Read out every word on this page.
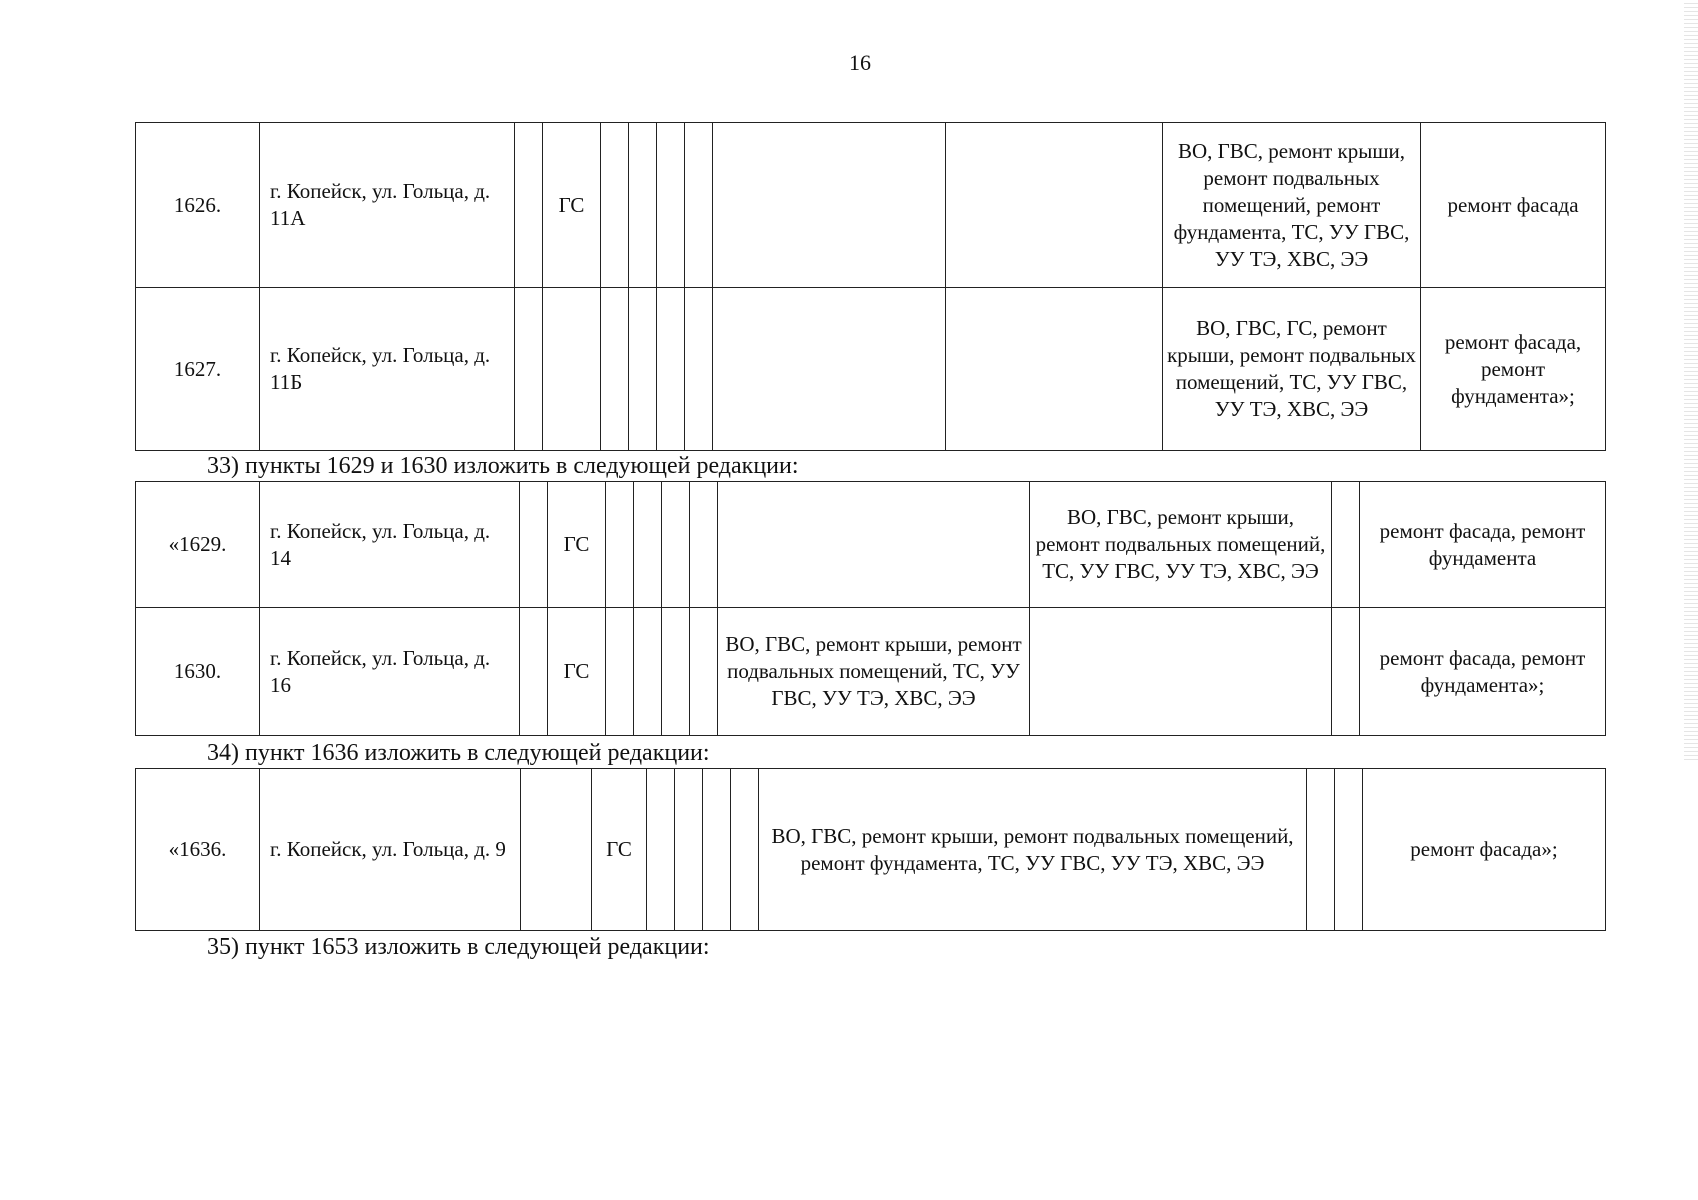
16
1626.	г. Копейск, ул. Гольца, д. 11А		ГС							ВО, ГВС, ремонт крыши, ремонт подвальных помещений, ремонт фундамента, ТС, УУ ГВС, УУ ТЭ, ХВС, ЭЭ	ремонт фасада
1627.	г. Копейск, ул. Гольца, д. 11Б									ВО, ГВС, ГС, ремонт крыши, ремонт подвальных помещений, ТС, УУ ГВС, УУ ТЭ, ХВС, ЭЭ	ремонт фасада, ремонт фундамента»;
33) пункты 1629 и 1630 изложить в следующей редакции:
«1629.	г. Копейск, ул. Гольца, д. 14		ГС						ВО, ГВС, ремонт крыши, ремонт подвальных помещений, ТС, УУ ГВС, УУ ТЭ, ХВС, ЭЭ		ремонт фасада, ремонт фундамента
1630.	г. Копейск, ул. Гольца, д. 16		ГС					ВО, ГВС, ремонт крыши, ремонт подвальных помещений, ТС, УУ ГВС, УУ ТЭ, ХВС, ЭЭ			ремонт фасада, ремонт фундамента»;
34) пункт 1636 изложить в следующей редакции:
«1636.	г. Копейск, ул. Гольца, д. 9		ГС					ВО, ГВС, ремонт крыши, ремонт подвальных помещений, ремонт фундамента, ТС, УУ ГВС, УУ ТЭ, ХВС, ЭЭ			ремонт фасада»;
35) пункт 1653 изложить в следующей редакции:
